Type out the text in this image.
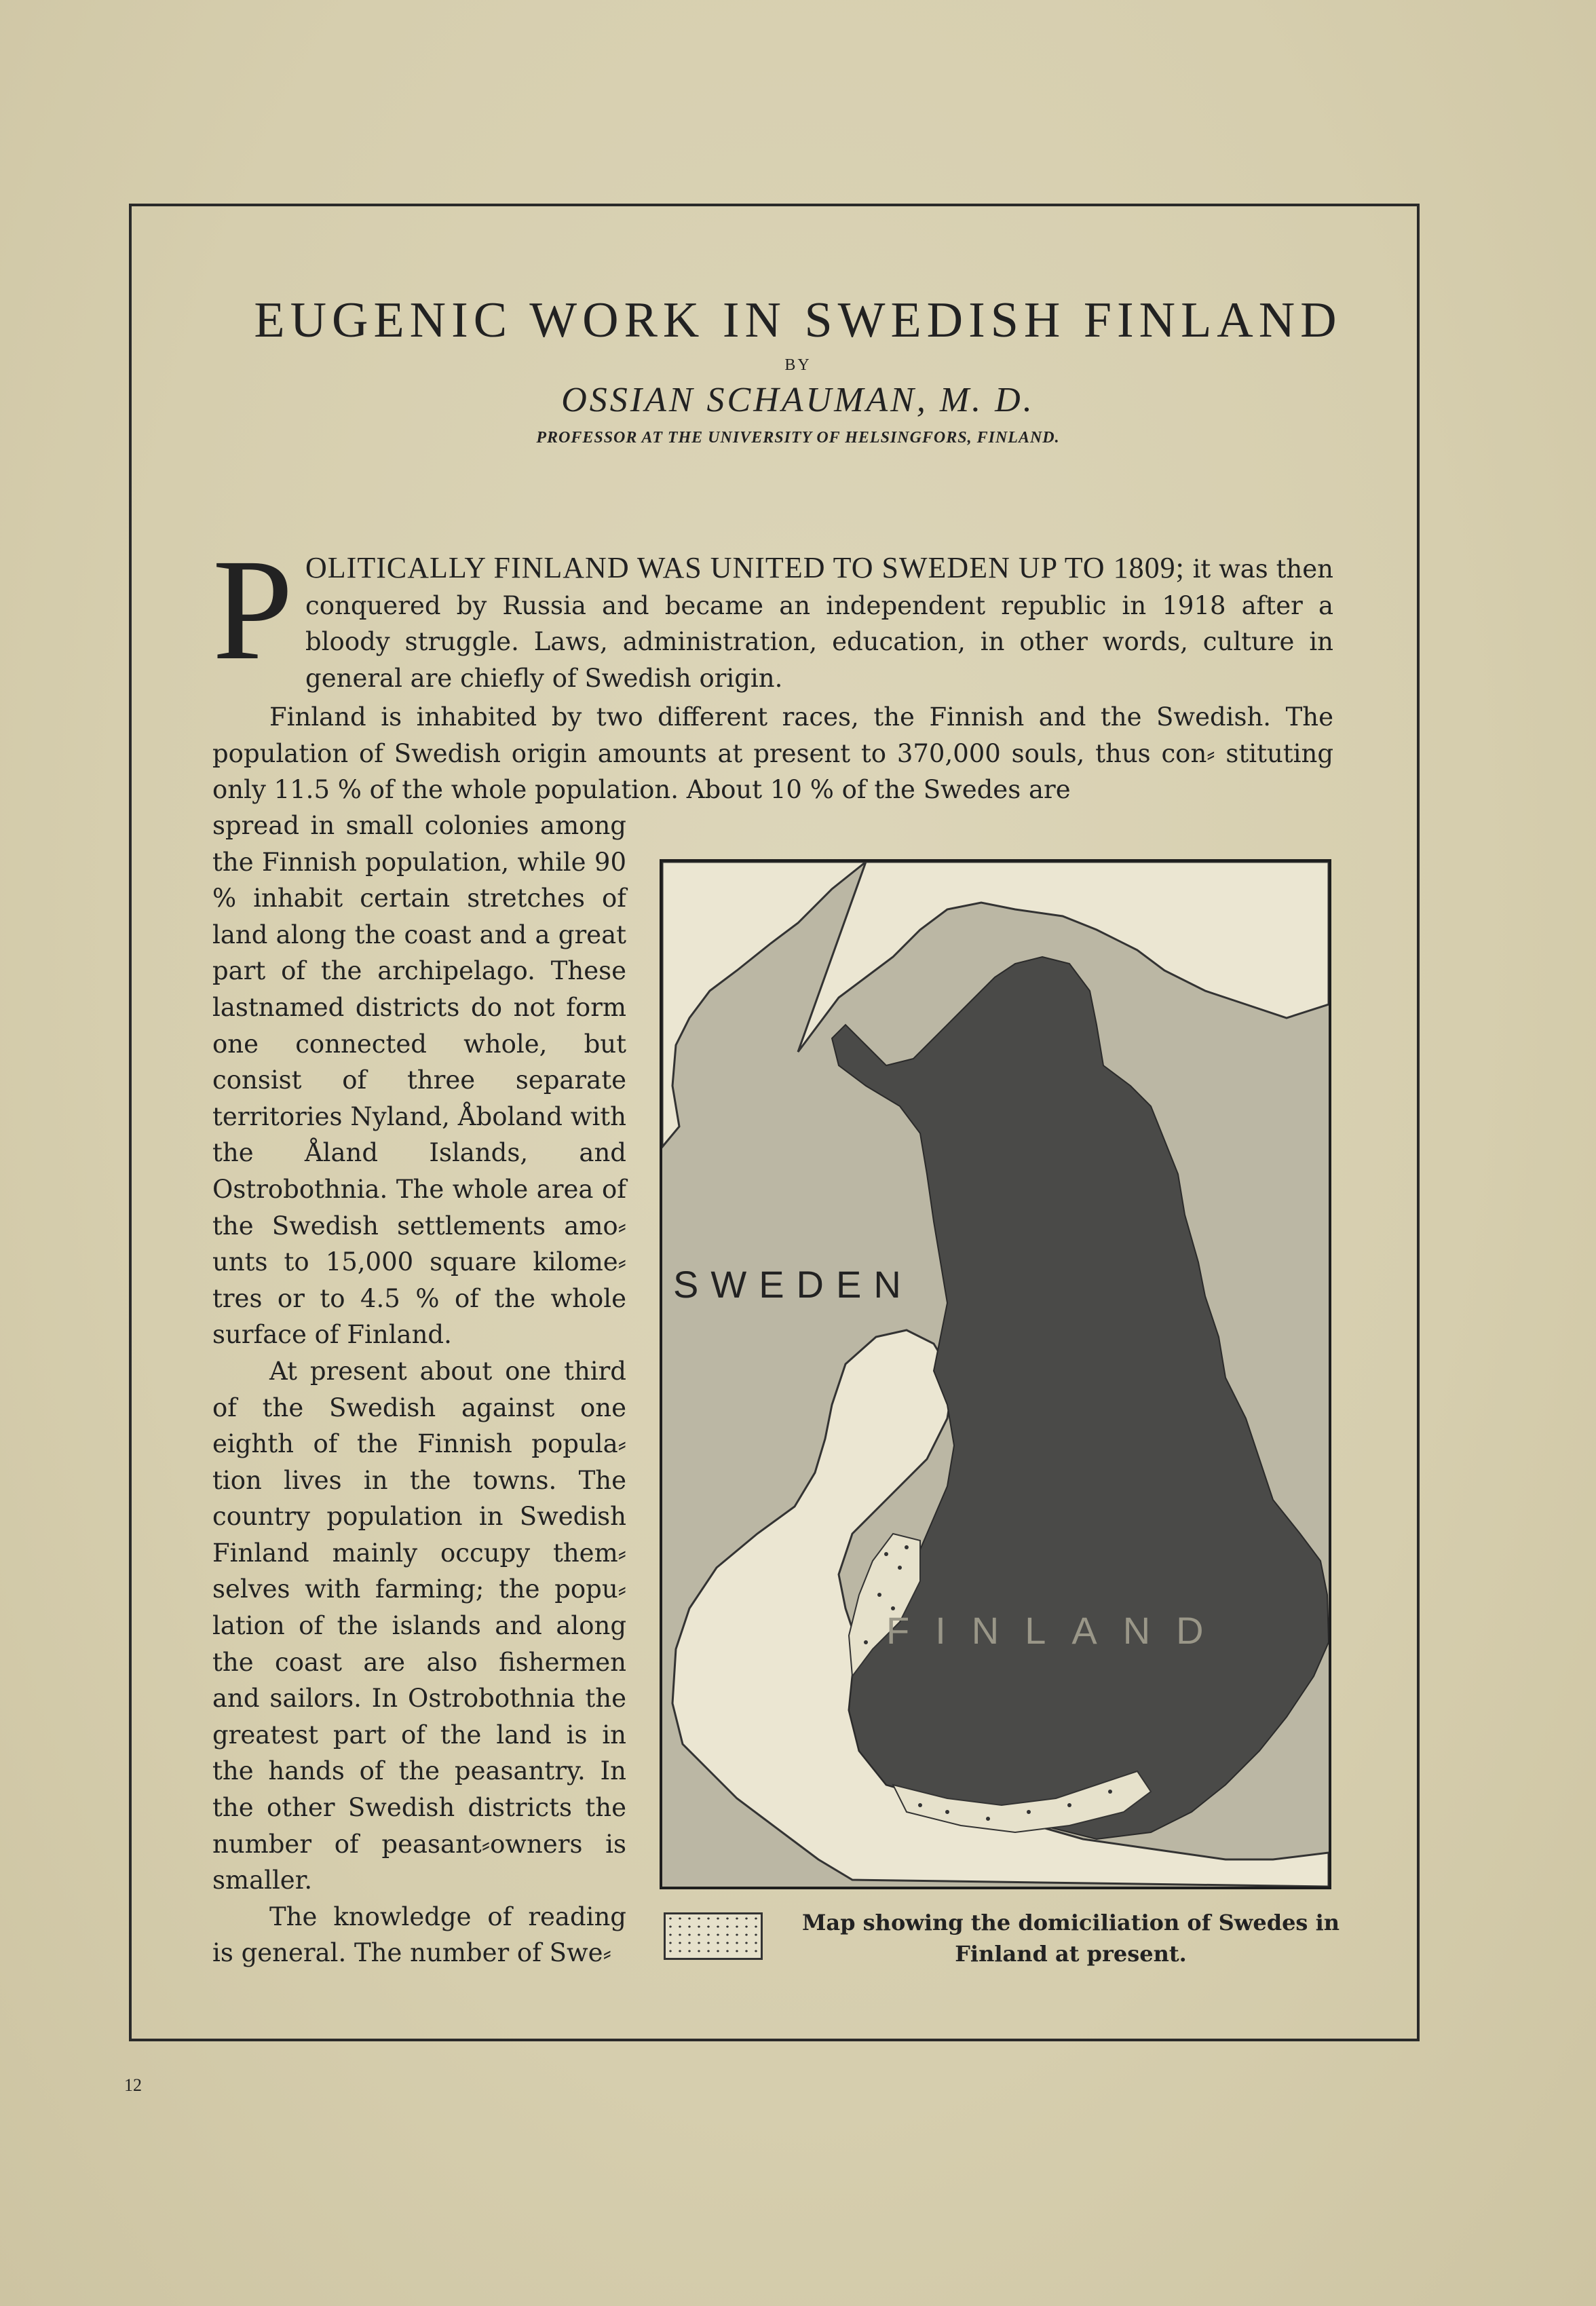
EUGENIC WORK IN SWEDISH FINLAND
BY
OSSIAN SCHAUMAN, M. D.
PROFESSOR AT THE UNIVERSITY OF HELSINGFORS, FINLAND.
P OLITICALLY FINLAND WAS UNITED TO SWEDEN UP TO 1809; it was then conquered by Russia and became an independent republic in 1918 after a bloody struggle. Laws, administration, education, in other words, culture in general are chiefly of Swedish origin.
Finland is inhabited by two different races, the Finnish and the Swedish. The population of Swedish origin amounts at present to 370,000 souls, thus con⸗ stituting only 11.5 % of the whole population. About 10 % of the Swedes are

spread in small colonies among the Finnish population, while 90 % inhabit certain stretches of land along the coast and a great part of the archipelago. These lastnamed districts do not form one connected whole, but consist of three separate territories Nyland, Åboland with the Åland Islands, and Ostrobothnia. The whole area of the Swedish settlements amo⸗ unts to 15,000 square kilome⸗ tres or to 4.5 % of the whole surface of Finland.

At present about one third of the Swedish against one eighth of the Finnish popula⸗ tion lives in the towns. The country population in Swedish Finland mainly occupy them⸗ selves with farming; the popu⸗ lation of the islands and along the coast are also fishermen and sailors. In Ostrobothnia the greatest part of the land is in the hands of the peasantry. In the other Swedish districts the number of peasant⸗owners is smaller.

The knowledge of reading is general. The number of Swe⸗

SWEDEN
FINLAND
Map showing the domiciliation of Swedes in Finland at present.
12
